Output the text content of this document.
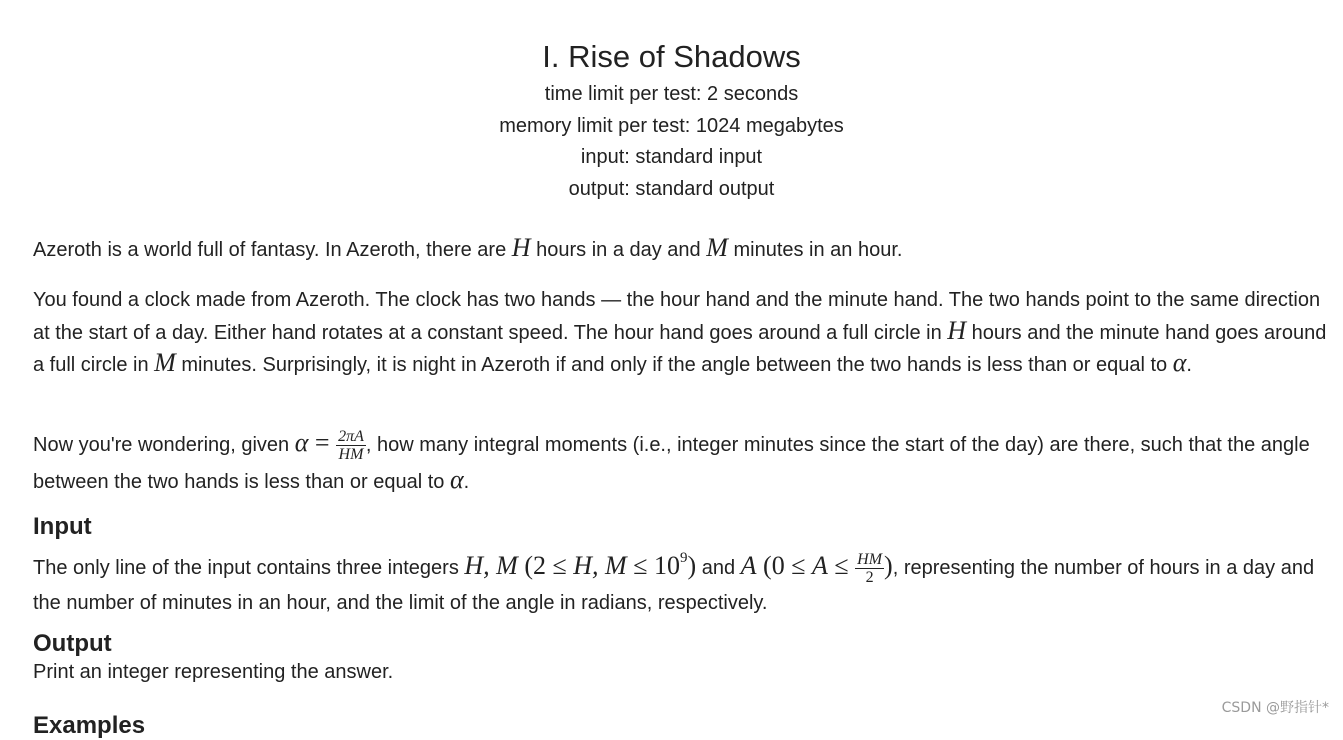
I. Rise of Shadows
time limit per test: 2 seconds
memory limit per test: 1024 megabytes
input: standard input
output: standard output

Azeroth is a world full of fantasy. In Azeroth, there are H hours in a day and M minutes in an hour.

You found a clock made from Azeroth. The clock has two hands — the hour hand and the minute hand. The two hands point to the same direction at the start of a day. Either hand rotates at a constant speed. The hour hand goes around a full circle in H hours and the minute hand goes around a full circle in M minutes. Surprisingly, it is night in Azeroth if and only if the angle between the two hands is less than or equal to α.

Now you're wondering, given $\alpha = \frac{2\pi A}{HM}$ , how many integral moments (i.e., integer minutes since the start of the day) are there, such that the angle between the two hands is less than or equal to α.

Input

The only line of the input contains three integers H, M (2 ≤ H, $M \le 10^9$) and A ($0 \le A \le \frac{HM}{2}$ ), representing the number of hours in a day and the number of minutes in an hour, and the limit of the angle in radians, respectively.

Output

Print an integer representing the answer.

Examples
CSDN @野指针*
